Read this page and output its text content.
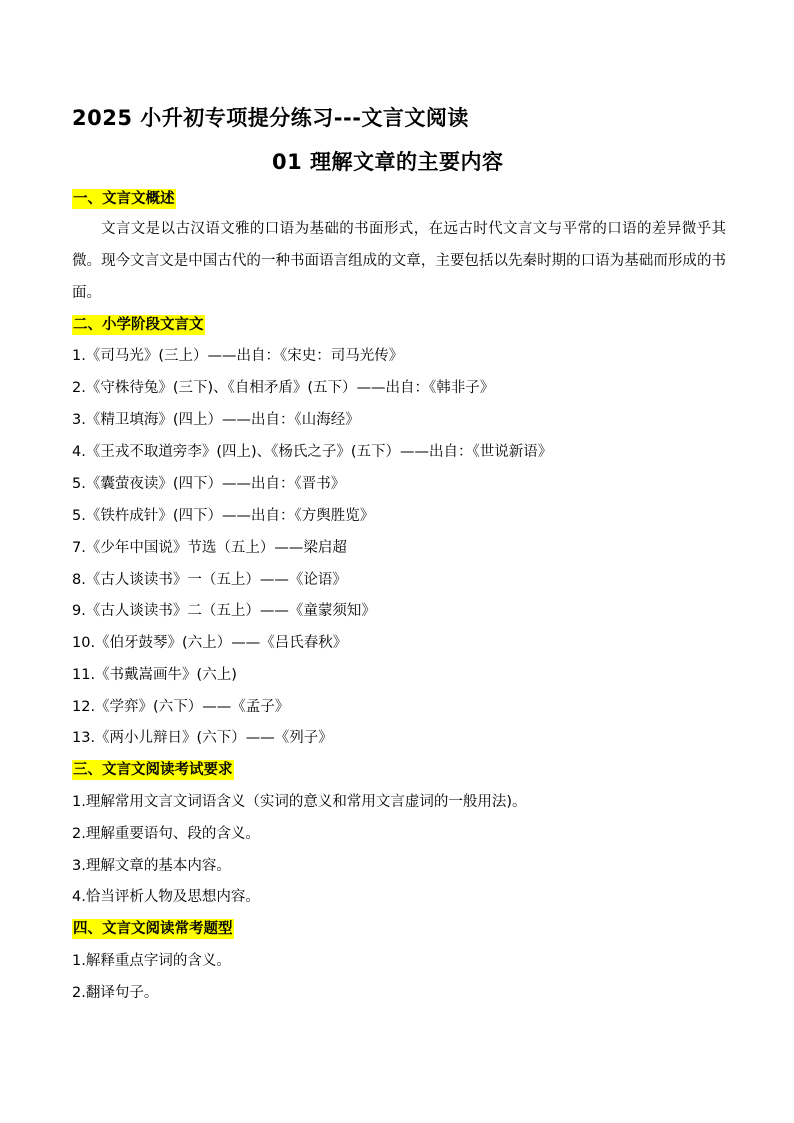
2025 小升初专项提分练习---文言文阅读
01 理解文章的主要内容
一、文言文概述
文言文是以古汉语文雅的口语为基础的书面形式，在远古时代文言文与平常的口语的差异微乎其微。现今文言文是中国古代的一种书面语言组成的文章，主要包括以先秦时期的口语为基础而形成的书面。
二、小学阶段文言文
1.《司马光》(三上）——出自：《宋史：司马光传》
2.《守株待兔》(三下)、《自相矛盾》(五下）——出自：《韩非子》
3.《精卫填海》(四上）——出自：《山海经》
4.《王戎不取道旁李》(四上)、《杨氏之子》(五下）——出自：《世说新语》
5.《囊萤夜读》(四下）——出自：《晋书》
5.《铁杵成针》(四下）——出自：《方舆胜览》
7.《少年中国说》节选（五上）——梁启超
8.《古人谈读书》一（五上）——《论语》
9.《古人谈读书》二（五上）——《童蒙须知》
10.《伯牙鼓琴》(六上）——《吕氏春秋》
11.《书戴嵩画牛》(六上)
12.《学弈》(六下）——《孟子》
13.《两小儿辩日》(六下）——《列子》
三、文言文阅读考试要求
1.理解常用文言文词语含义（实词的意义和常用文言虚词的一般用法)。
2.理解重要语句、段的含义。
3.理解文章的基本内容。
4.恰当评析人物及思想内容。
四、文言文阅读常考题型
1.解释重点字词的含义。
2.翻译句子。
